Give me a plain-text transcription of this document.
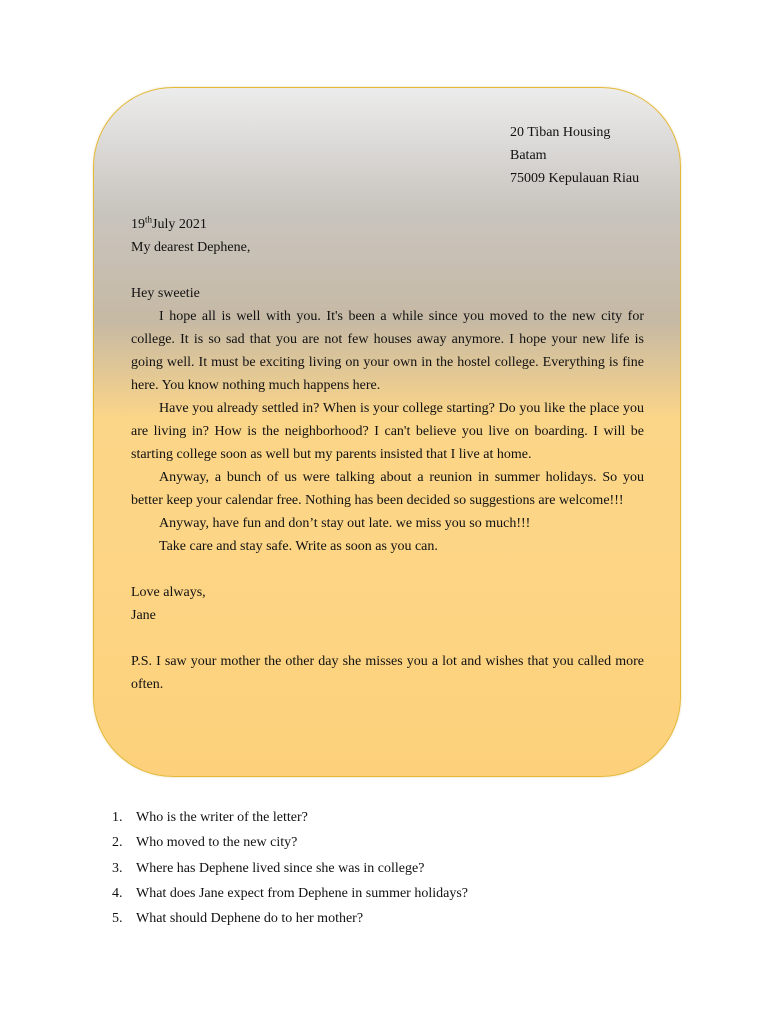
20 Tiban Housing
Batam
75009 Kepulauan Riau
19thJuly 2021

My dearest Dephene,

Hey sweetie

I hope all is well with you. It's been a while since you moved to the new city for college. It is so sad that you are not few houses away anymore. I hope your new life is going well. It must be exciting living on your own in the hostel college. Everything is fine here. You know nothing much happens here.

Have you already settled in? When is your college starting? Do you like the place you are living in? How is the neighborhood? I can't believe you live on boarding. I will be starting college soon as well but my parents insisted that I live at home.

Anyway, a bunch of us were talking about a reunion in summer holidays. So you better keep your calendar free. Nothing has been decided so suggestions are welcome!!!

Anyway, have fun and don’t stay out late. we miss you so much!!!

Take care and stay safe. Write as soon as you can.

Love always,

Jane

P.S. I saw your mother the other day she misses you a lot and wishes that you called more often.

1. Who is the writer of the letter?
2. Who moved to the new city?
3. Where has Dephene lived since she was in college?
4. What does Jane expect from Dephene in summer holidays?
5. What should Dephene do to her mother?
